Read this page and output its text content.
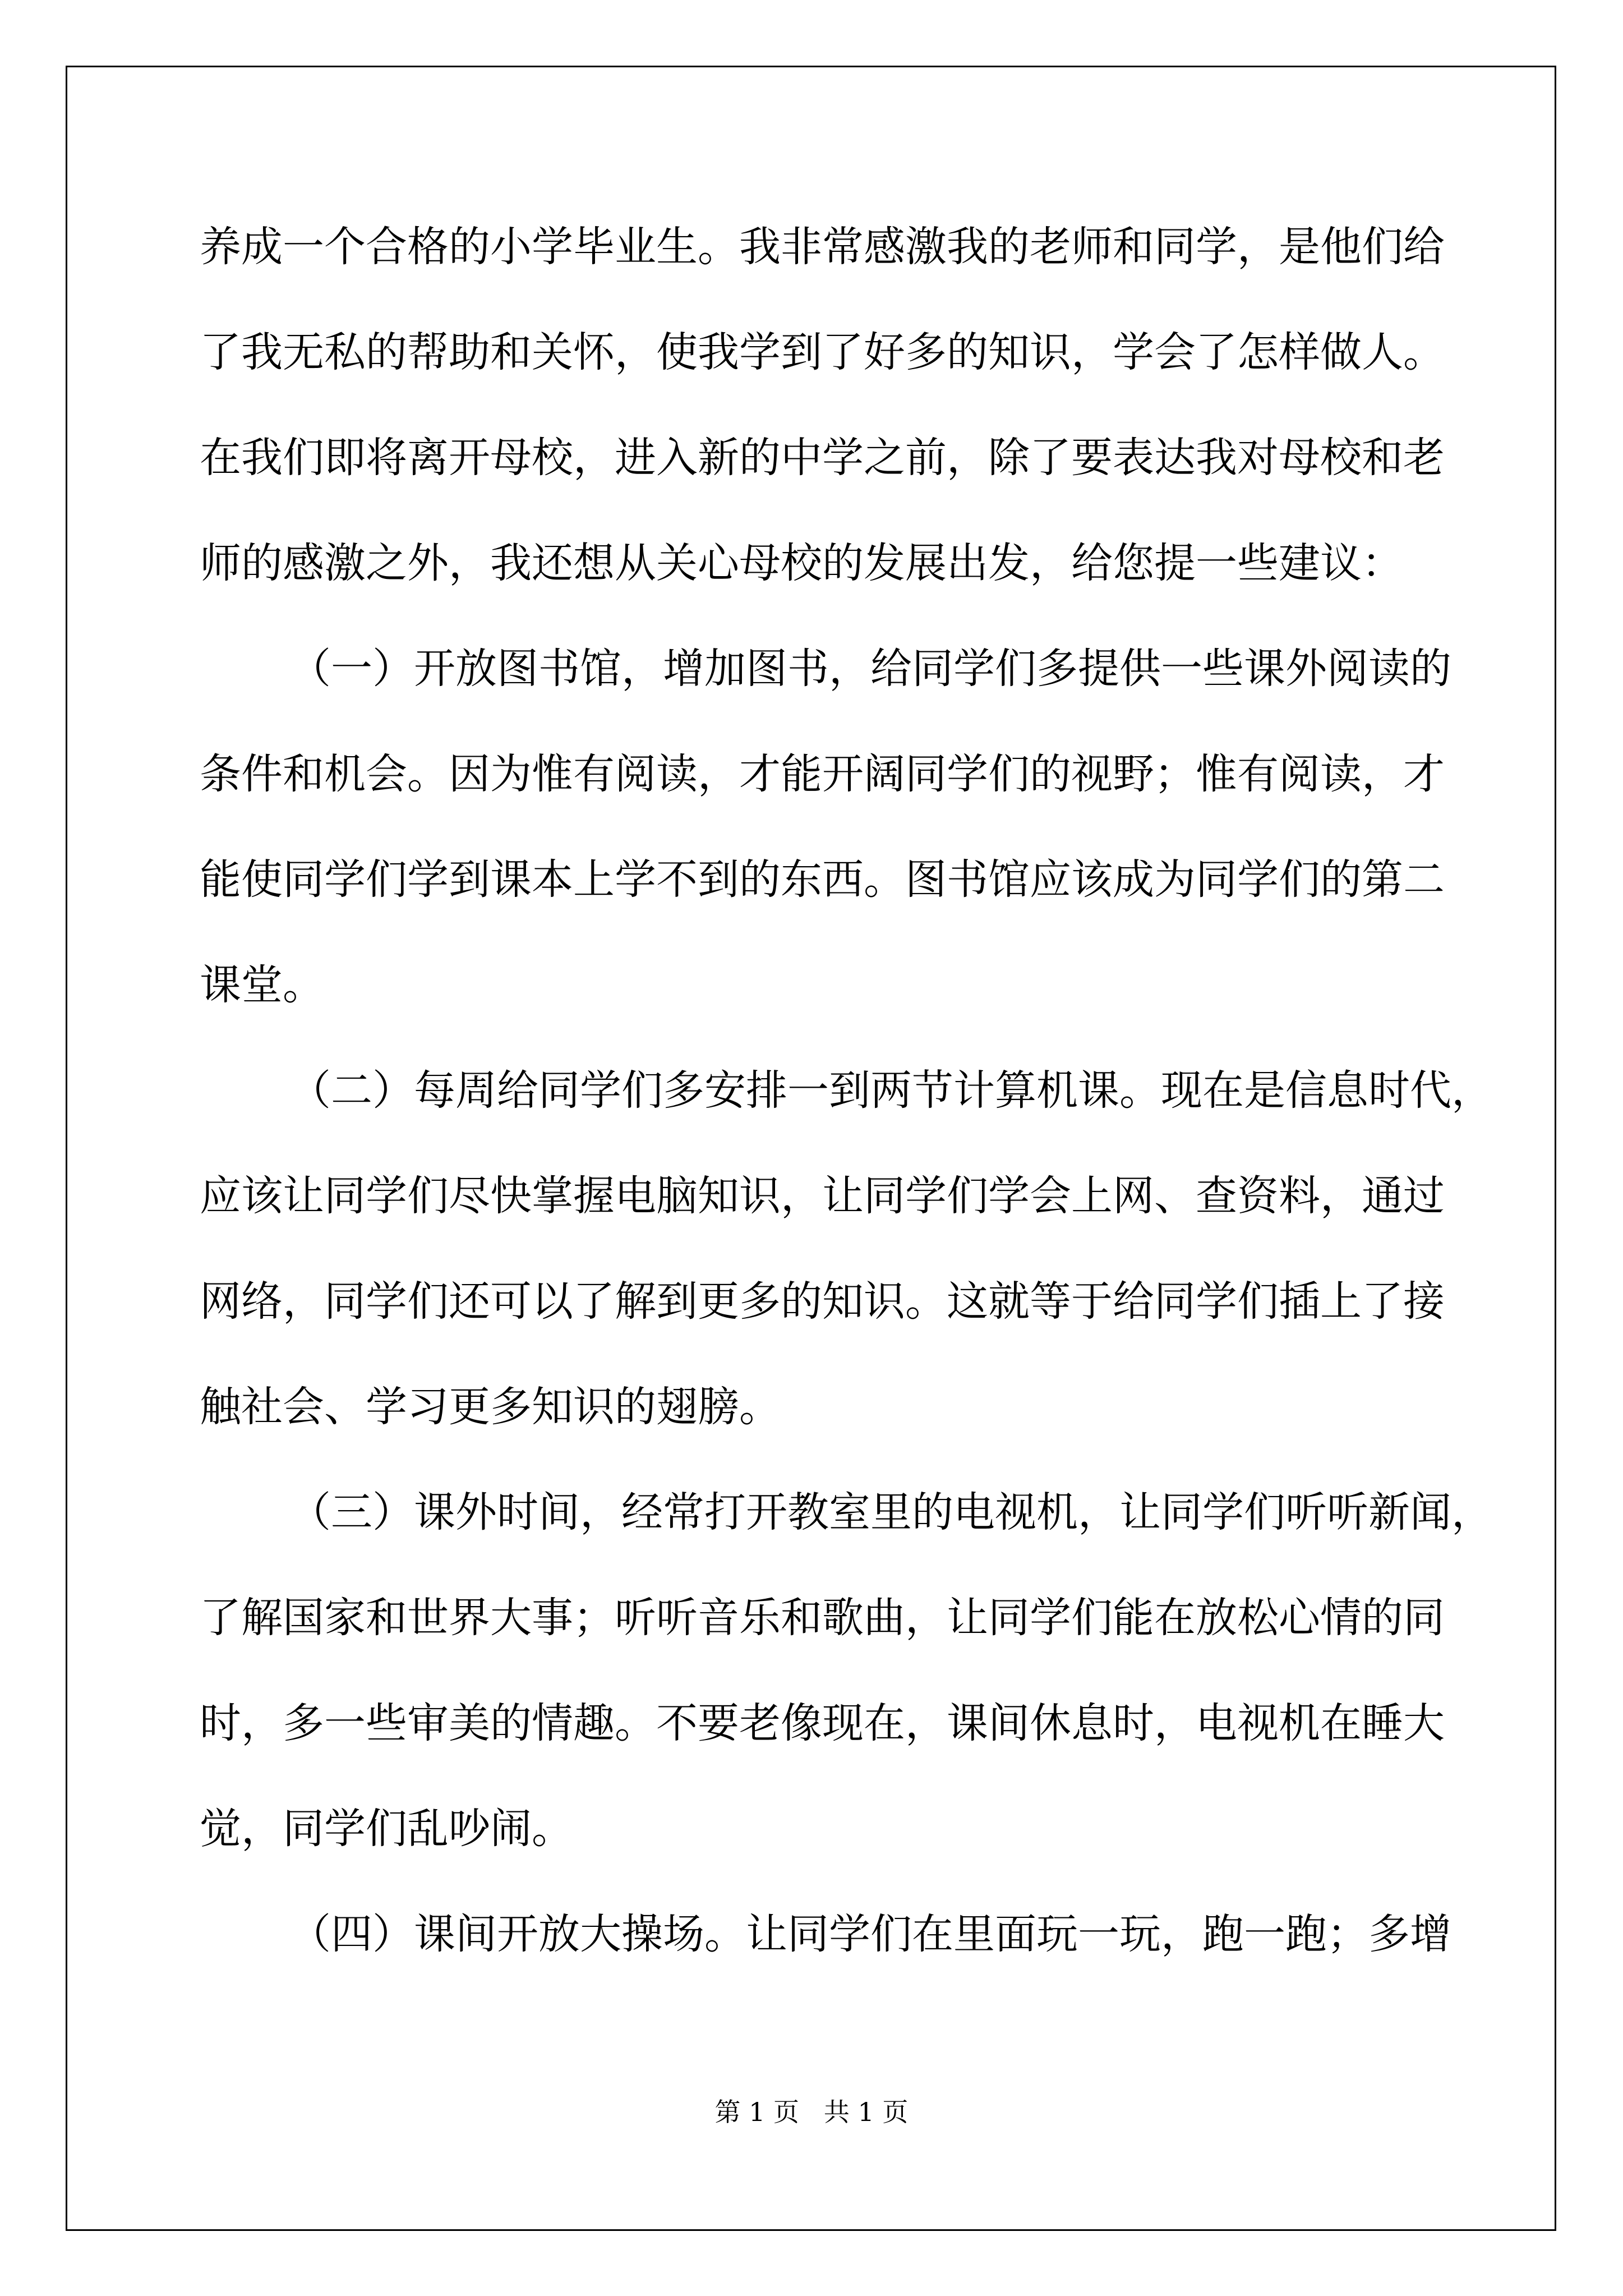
养成一个合格的小学毕业生。我非常感激我的老师和同学，是他们给
了我无私的帮助和关怀，使我学到了好多的知识，学会了怎样做人。
在我们即将离开母校，进入新的中学之前，除了要表达我对母校和老
师的感激之外，我还想从关心母校的发展出发，给您提一些建议：
（一）开放图书馆，增加图书，给同学们多提供一些课外阅读的
条件和机会。因为惟有阅读，才能开阔同学们的视野；惟有阅读，才
能使同学们学到课本上学不到的东西。图书馆应该成为同学们的第二
课堂。
（二）每周给同学们多安排一到两节计算机课。现在是信息时代，
应该让同学们尽快掌握电脑知识，让同学们学会上网、查资料，通过
网络，同学们还可以了解到更多的知识。这就等于给同学们插上了接
触社会、学习更多知识的翅膀。
（三）课外时间，经常打开教室里的电视机，让同学们听听新闻，
了解国家和世界大事；听听音乐和歌曲，让同学们能在放松心情的同
时，多一些审美的情趣。不要老像现在，课间休息时，电视机在睡大
觉，同学们乱吵闹。
（四）课间开放大操场。让同学们在里面玩一玩，跑一跑；多增
第 1 页   共 1 页
